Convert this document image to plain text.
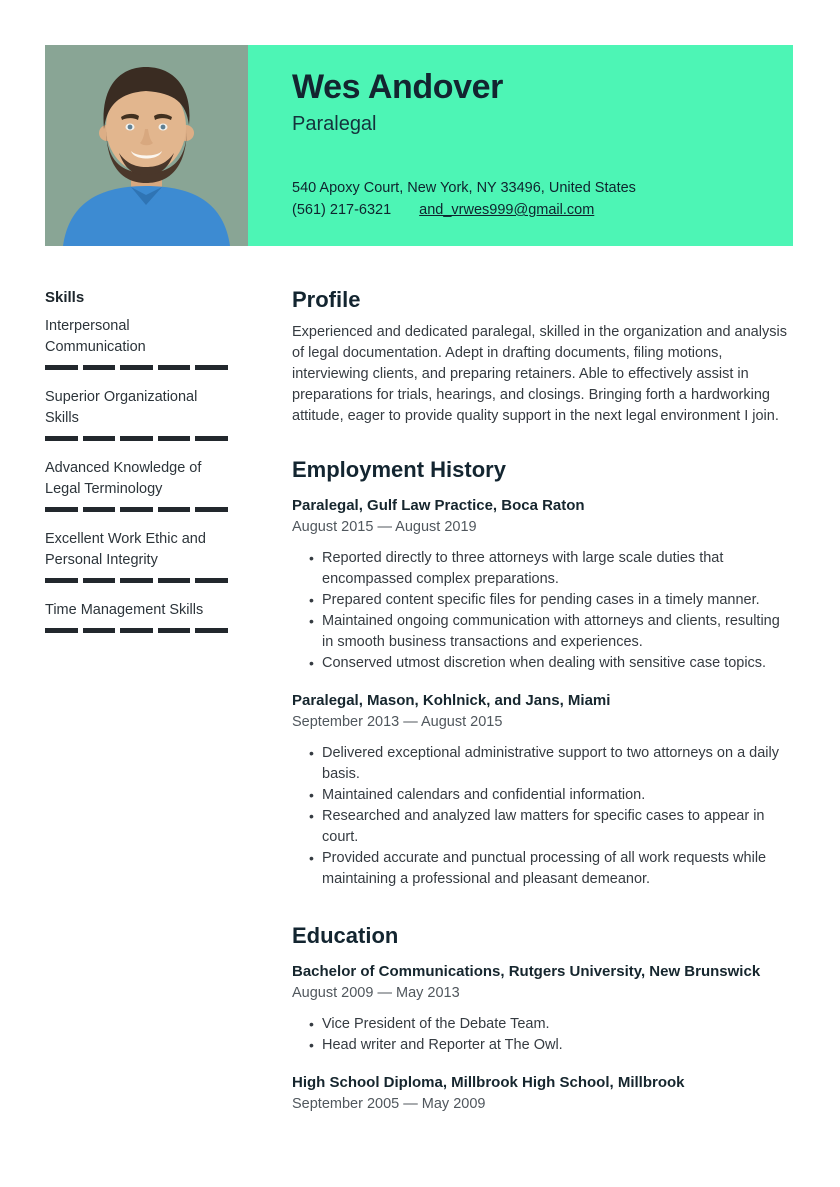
Wes Andover
Paralegal
540 Apoxy Court, New York, NY 33496, United States
(561) 217-6321 and_vrwes999@gmail.com
Skills
Interpersonal Communication
Superior Organizational Skills
Advanced Knowledge of Legal Terminology
Excellent Work Ethic and Personal Integrity
Time Management Skills
Profile

Experienced and dedicated paralegal, skilled in the organization and analysis of legal documentation. Adept in drafting documents, filing motions, interviewing clients, and preparing retainers. Able to effectively assist in preparations for trials, hearings, and closings. Bringing forth a hardworking attitude, eager to provide quality support in the next legal environment I join.

Employment History
Paralegal, Gulf Law Practice, Boca Raton
August 2015 — August 2019
• Reported directly to three attorneys with large scale duties that encompassed complex preparations.
• Prepared content specific files for pending cases in a timely manner.
• Maintained ongoing communication with attorneys and clients, resulting in smooth business transactions and experiences.
• Conserved utmost discretion when dealing with sensitive case topics.
Paralegal, Mason, Kohlnick, and Jans, Miami
September 2013 — August 2015
• Delivered exceptional administrative support to two attorneys on a daily basis.
• Maintained calendars and confidential information.
• Researched and analyzed law matters for specific cases to appear in court.
• Provided accurate and punctual processing of all work requests while maintaining a professional and pleasant demeanor.
Education
Bachelor of Communications, Rutgers University, New Brunswick
August 2009 — May 2013
• Vice President of the Debate Team.
• Head writer and Reporter at The Owl.
High School Diploma, Millbrook High School, Millbrook
September 2005 — May 2009
